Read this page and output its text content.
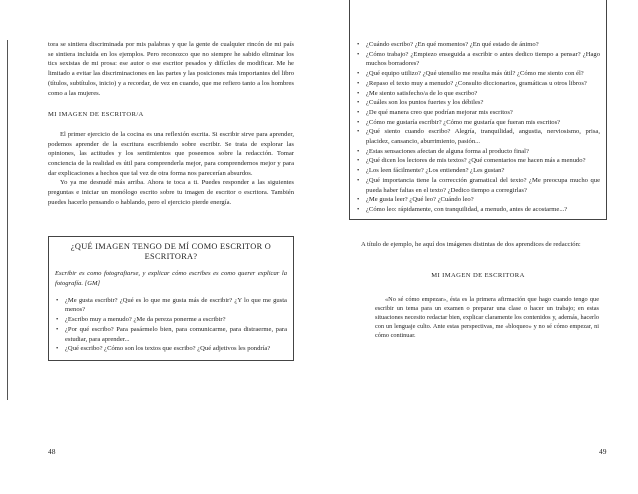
tora se sintiera discriminada por mis palabras y que la gente de cualquier rincón de mi país se sintiera incluida en los ejemplos. Pero reconozco que no siempre he sabido eliminar los tics sexistas de mi prosa: ese autor o ese escritor pesados y difíciles de modificar. Me he limitado a evitar las discriminaciones en las partes y las posiciones más importantes del libro (títulos, subtítulos, inicio) y a recordar, de vez en cuando, que me refiero tanto a los hombres como a las mujeres.

MI IMAGEN DE ESCRITOR/A

El primer ejercicio de la cocina es una reflexión escrita. Si escribir sirve para aprender, podemos aprender de la escritura escribiendo sobre escribir. Se trata de explorar las opiniones, las actitudes y los sentimientos que poseemos sobre la redacción. Tomar conciencia de la realidad es útil para comprenderla mejor, para comprendernos mejor y para dar explicaciones a hechos que tal vez de otra forma nos parecerían absurdos.

Yo ya me desnudé más arriba. Ahora te toca a ti. Puedes responder a las siguientes preguntas e iniciar un monólogo escrito sobre tu imagen de escritor o escritora. También puedes hacerlo pensando o hablando, pero el ejercicio pierde energía.

¿QUÉ IMAGEN TENGO DE MÍ COMO ESCRITOR O ESCRITORA?

Escribir es como fotografiarse, y explicar cómo escribes es como querer explicar la fotografía. [GM]

• ¿Me gusta escribir? ¿Qué es lo que me gusta más de escribir? ¿Y lo que me gusta menos?
• ¿Escribo muy a menudo? ¿Me da pereza ponerme a escribir?
• ¿Por qué escribo? Para pasármelo bien, para comunicarme, para distraerme, para estudiar, para aprender...
• ¿Qué escribo? ¿Cómo son los textos que escribo? ¿Qué adjetivos les pondría?
48
• ¿Cuándo escribo? ¿En qué momentos? ¿En qué estado de ánimo?
• ¿Cómo trabajo? ¿Empiezo enseguida a escribir o antes dedico tiempo a pensar? ¿Hago muchos borradores?
• ¿Qué equipo utilizo? ¿Qué utensilio me resulta más útil? ¿Cómo me siento con él?
• ¿Repaso el texto muy a menudo? ¿Consulto diccionarios, gramáticas u otros libros?
• ¿Me siento satisfecho/a de lo que escribo?
• ¿Cuáles son los puntos fuertes y los débiles?
• ¿De qué manera creo que podrían mejorar mis escritos?
• ¿Cómo me gustaría escribir? ¿Cómo me gustaría que fueran mis escritos?
• ¿Qué siento cuando escribo? Alegría, tranquilidad, angustia, nerviosismo, prisa, placidez, cansancio, aburrimiento, pasión...
• ¿Estas sensaciones afectan de alguna forma al producto final?
• ¿Qué dicen los lectores de mis textos? ¿Qué comentarios me hacen más a menudo?
• ¿Los leen fácilmente? ¿Los entienden? ¿Les gustan?
• ¿Qué importancia tiene la corrección gramatical del texto? ¿Me preocupa mucho que pueda haber faltas en el texto? ¿Dedico tiempo a corregirlas?
• ¿Me gusta leer? ¿Qué leo? ¿Cuándo leo?
• ¿Cómo leo: rápidamente, con tranquilidad, a menudo, antes de acostarme...?

A título de ejemplo, he aquí dos imágenes distintas de dos aprendices de redacción:

MI IMAGEN DE ESCRITORA

«No sé cómo empezar», ésta es la primera afirmación que hago cuando tengo que escribir un tema para un examen o preparar una clase o hacer un trabajo; en estas situaciones necesito redactar bien, explicar claramente los contenidos y, además, hacerlo con un lenguaje culto. Ante estas perspectivas, me «bloqueo» y no sé cómo empezar, ni cómo continuar.

49
